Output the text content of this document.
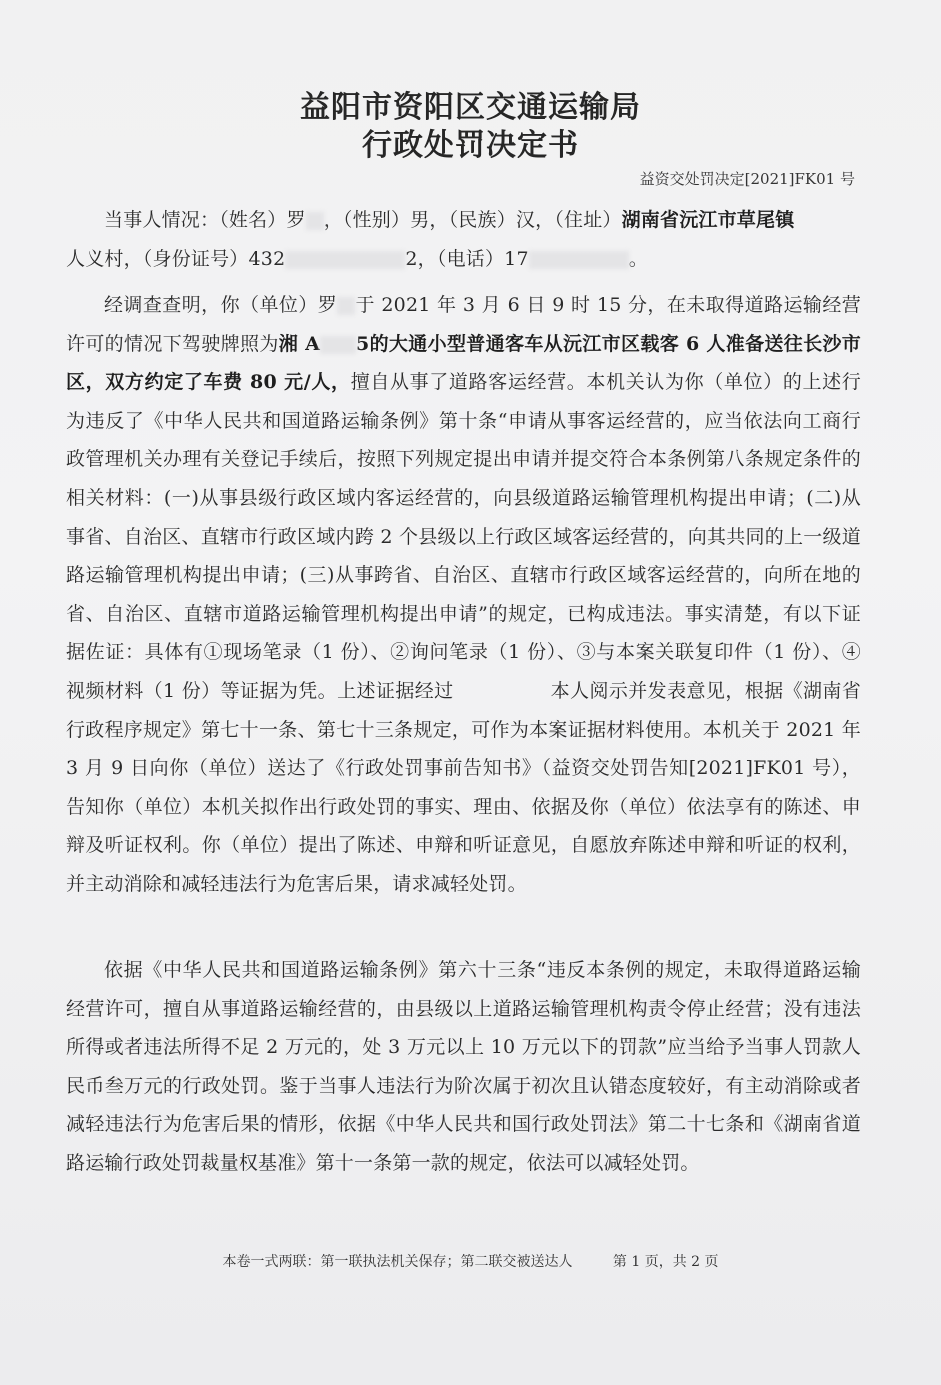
益阳市资阳区交通运输局
行政处罚决定书
益资交处罚决定[2021]FK01 号
当事人情况：（姓名）罗 ，（性别）男，（民族）汉，（住址）湖南省沅江市草尾镇
人义村，（身份证号）432	2，（电话）17	。
经调查查明，你（单位）罗 于 2021 年 3 月 6 日 9 时 15 分，在未取得道路运输经营许可的情况下驾驶牌照为湘 A 5的大通小型普通客车从沅江市区载客 6 人准备送往长沙市区，双方约定了车费 80 元/人，擅自从事了道路客运经营。本机关认为你（单位）的上述行为违反了《中华人民共和国道路运输条例》第十条“申请从事客运经营的，应当依法向工商行政管理机关办理有关登记手续后，按照下列规定提出申请并提交符合本条例第八条规定条件的相关材料：(一)从事县级行政区域内客运经营的，向县级道路运输管理机构提出申请；(二)从事省、自治区、直辖市行政区域内跨 2 个县级以上行政区域客运经营的，向其共同的上一级道路运输管理机构提出申请；(三)从事跨省、自治区、直辖市行政区域客运经营的，向所在地的省、自治区、直辖市道路运输管理机构提出申请”的规定，已构成违法。事实清楚，有以下证据佐证：具体有①现场笔录（1 份）、②询问笔录（1 份）、③与本案关联复印件（1 份）、④视频材料（1 份）等证据为凭。上述证据经过　　　　　本人阅示并发表意见，根据《湖南省行政程序规定》第七十一条、第七十三条规定，可作为本案证据材料使用。本机关于 2021 年 3 月 9 日向你（单位）送达了《行政处罚事前告知书》（益资交处罚告知[2021]FK01 号），告知你（单位）本机关拟作出行政处罚的事实、理由、依据及你（单位）依法享有的陈述、申辩及听证权利。你（单位）提出了陈述、申辩和听证意见，自愿放弃陈述申辩和听证的权利，并主动消除和减轻违法行为危害后果，请求减轻处罚。
依据《中华人民共和国道路运输条例》第六十三条“违反本条例的规定，未取得道路运输经营许可，擅自从事道路运输经营的，由县级以上道路运输管理机构责令停止经营；没有违法所得或者违法所得不足 2 万元的，处 3 万元以上 10 万元以下的罚款”应当给予当事人罚款人民币叁万元的行政处罚。鉴于当事人违法行为阶次属于初次且认错态度较好，有主动消除或者减轻违法行为危害后果的情形，依据《中华人民共和国行政处罚法》第二十七条和《湖南省道路运输行政处罚裁量权基准》第十一条第一款的规定，依法可以减轻处罚。
本卷一式两联：第一联执法机关保存；第二联交被送达人	第 1 页，共 2 页
